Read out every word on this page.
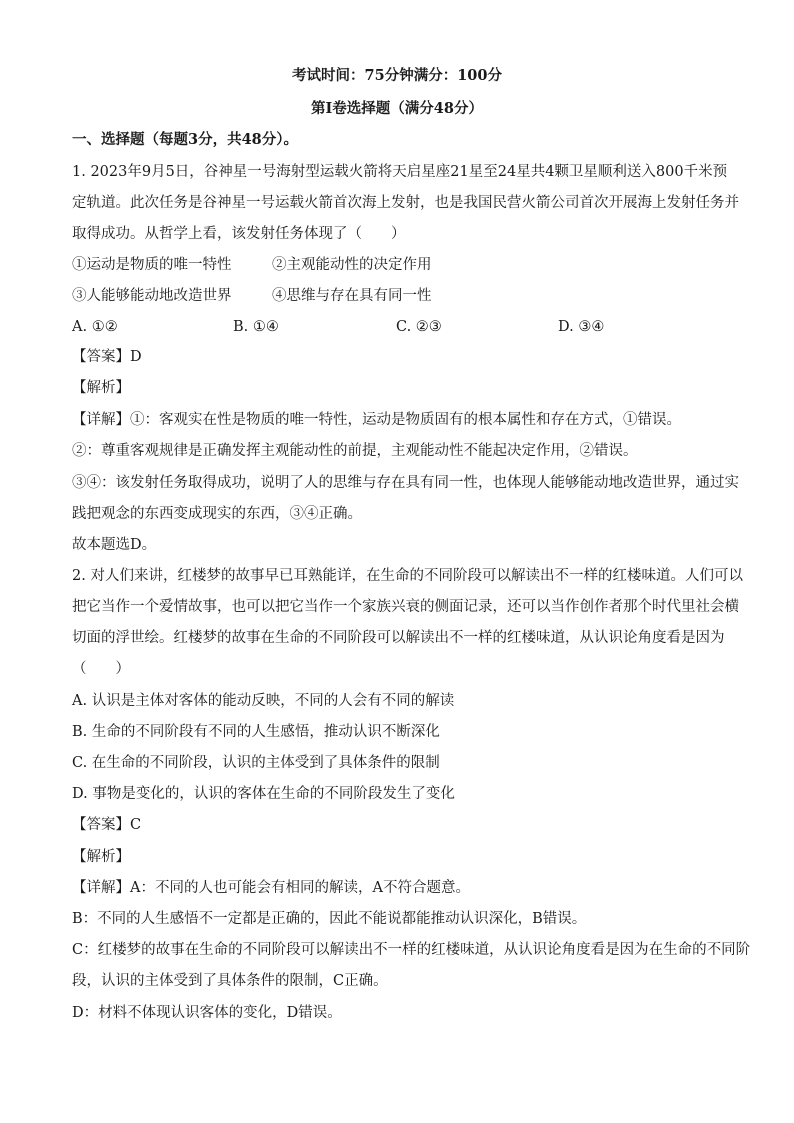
考试时间：75分钟满分：100分
第Ⅰ卷选择题（满分48分）
一、选择题（每题3分，共48分）。
1. 2023年9月5日，谷神星一号海射型运载火箭将天启星座21星至24星共4颗卫星顺利送入800千米预
定轨道。此次任务是谷神星一号运载火箭首次海上发射，也是我国民营火箭公司首次开展海上发射任务并
取得成功。从哲学上看，该发射任务体现了（　　）
①运动是物质的唯一特性	②主观能动性的决定作用
③人能够能动地改造世界	④思维与存在具有同一性
A. ①②	B. ①④	C. ②③	D. ③④
【答案】D
【解析】
【详解】①：客观实在性是物质的唯一特性，运动是物质固有的根本属性和存在方式，①错误。
②：尊重客观规律是正确发挥主观能动性的前提，主观能动性不能起决定作用，②错误。
③④：该发射任务取得成功，说明了人的思维与存在具有同一性，也体现人能够能动地改造世界，通过实
践把观念的东西变成现实的东西，③④正确。
故本题选D。
2. 对人们来讲，红楼梦的故事早已耳熟能详，在生命的不同阶段可以解读出不一样的红楼味道。人们可以
把它当作一个爱情故事，也可以把它当作一个家族兴衰的侧面记录，还可以当作创作者那个时代里社会横
切面的浮世绘。红楼梦的故事在生命的不同阶段可以解读出不一样的红楼味道，从认识论角度看是因为
（　　）
A. 认识是主体对客体的能动反映，不同的人会有不同的解读
B. 生命的不同阶段有不同的人生感悟，推动认识不断深化
C. 在生命的不同阶段，认识的主体受到了具体条件的限制
D. 事物是变化的，认识的客体在生命的不同阶段发生了变化
【答案】C
【解析】
【详解】A：不同的人也可能会有相同的解读，A不符合题意。
B：不同的人生感悟不一定都是正确的，因此不能说都能推动认识深化，B错误。
C：红楼梦的故事在生命的不同阶段可以解读出不一样的红楼味道，从认识论角度看是因为在生命的不同阶
段，认识的主体受到了具体条件的限制，C正确。
D：材料不体现认识客体的变化，D错误。
